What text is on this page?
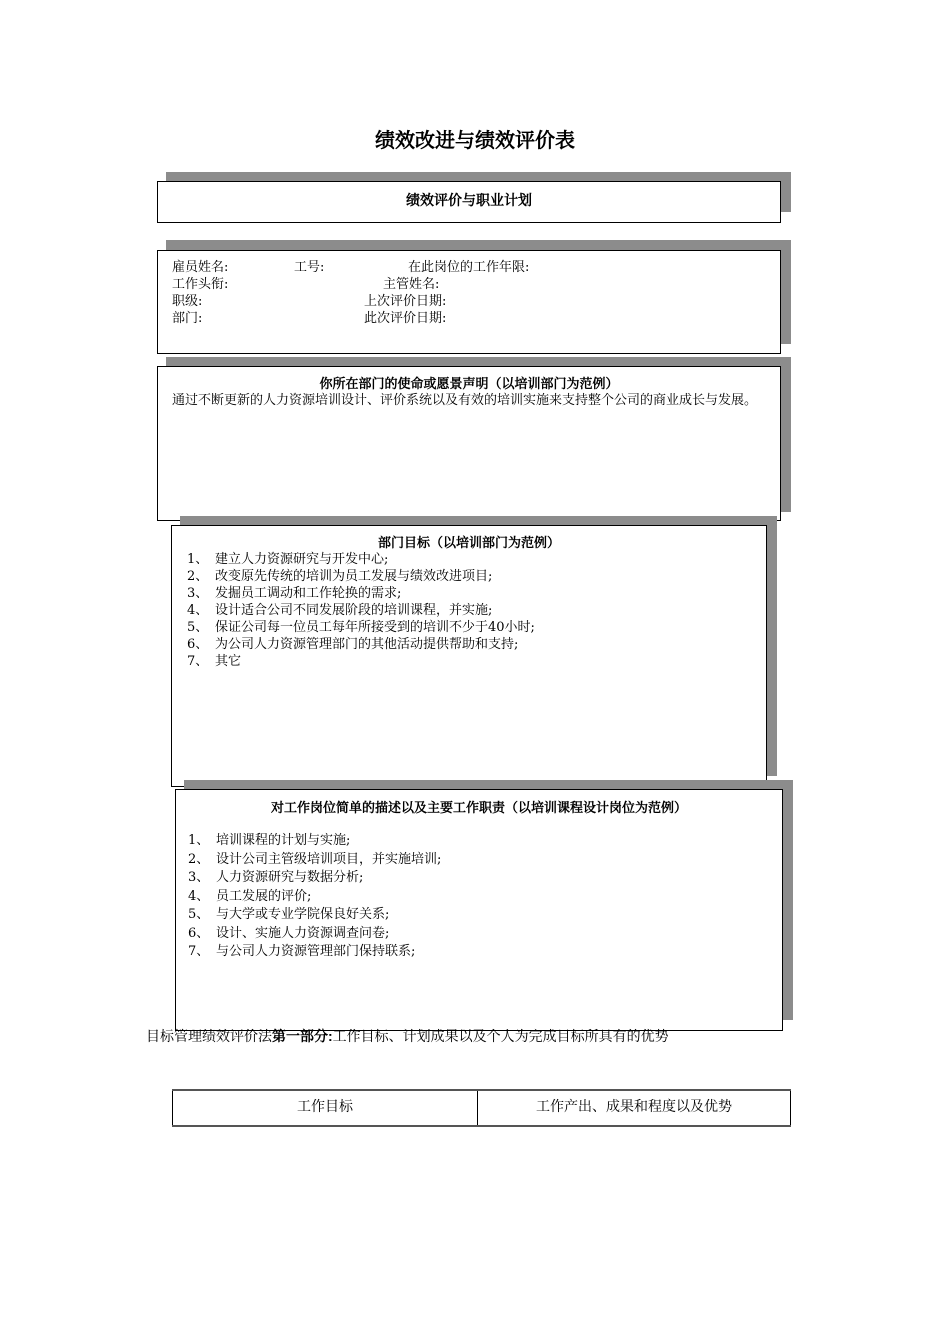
绩效改进与绩效评价表
绩效评价与职业计划
雇员姓名:	工号:	在此岗位的工作年限:
工作头衔:	主管姓名:
职级:	上次评价日期:
部门:	此次评价日期:
你所在部门的使命或愿景声明（以培训部门为范例）
通过不断更新的人力资源培训设计、评价系统以及有效的培训实施来支持整个公司的商业成长与发展。
部门目标（以培训部门为范例）
1、 建立人力资源研究与开发中心;
2、 改变原先传统的培训为员工发展与绩效改进项目;
3、 发掘员工调动和工作轮换的需求;
4、 设计适合公司不同发展阶段的培训课程，并实施;
5、 保证公司每一位员工每年所接受到的培训不少于40小时;
6、 为公司人力资源管理部门的其他活动提供帮助和支持;
7、 其它
对工作岗位简单的描述以及主要工作职责（以培训课程设计岗位为范例）
1、 培训课程的计划与实施;
2、 设计公司主管级培训项目，并实施培训;
3、 人力资源研究与数据分析;
4、 员工发展的评价;
5、 与大学或专业学院保良好关系;
6、 设计、实施人力资源调查问卷;
7、 与公司人力资源管理部门保持联系;
目标管理绩效评价法第一部分:工作目标、计划成果以及个人为完成目标所具有的优势
工作目标	工作产出、成果和程度以及优势
